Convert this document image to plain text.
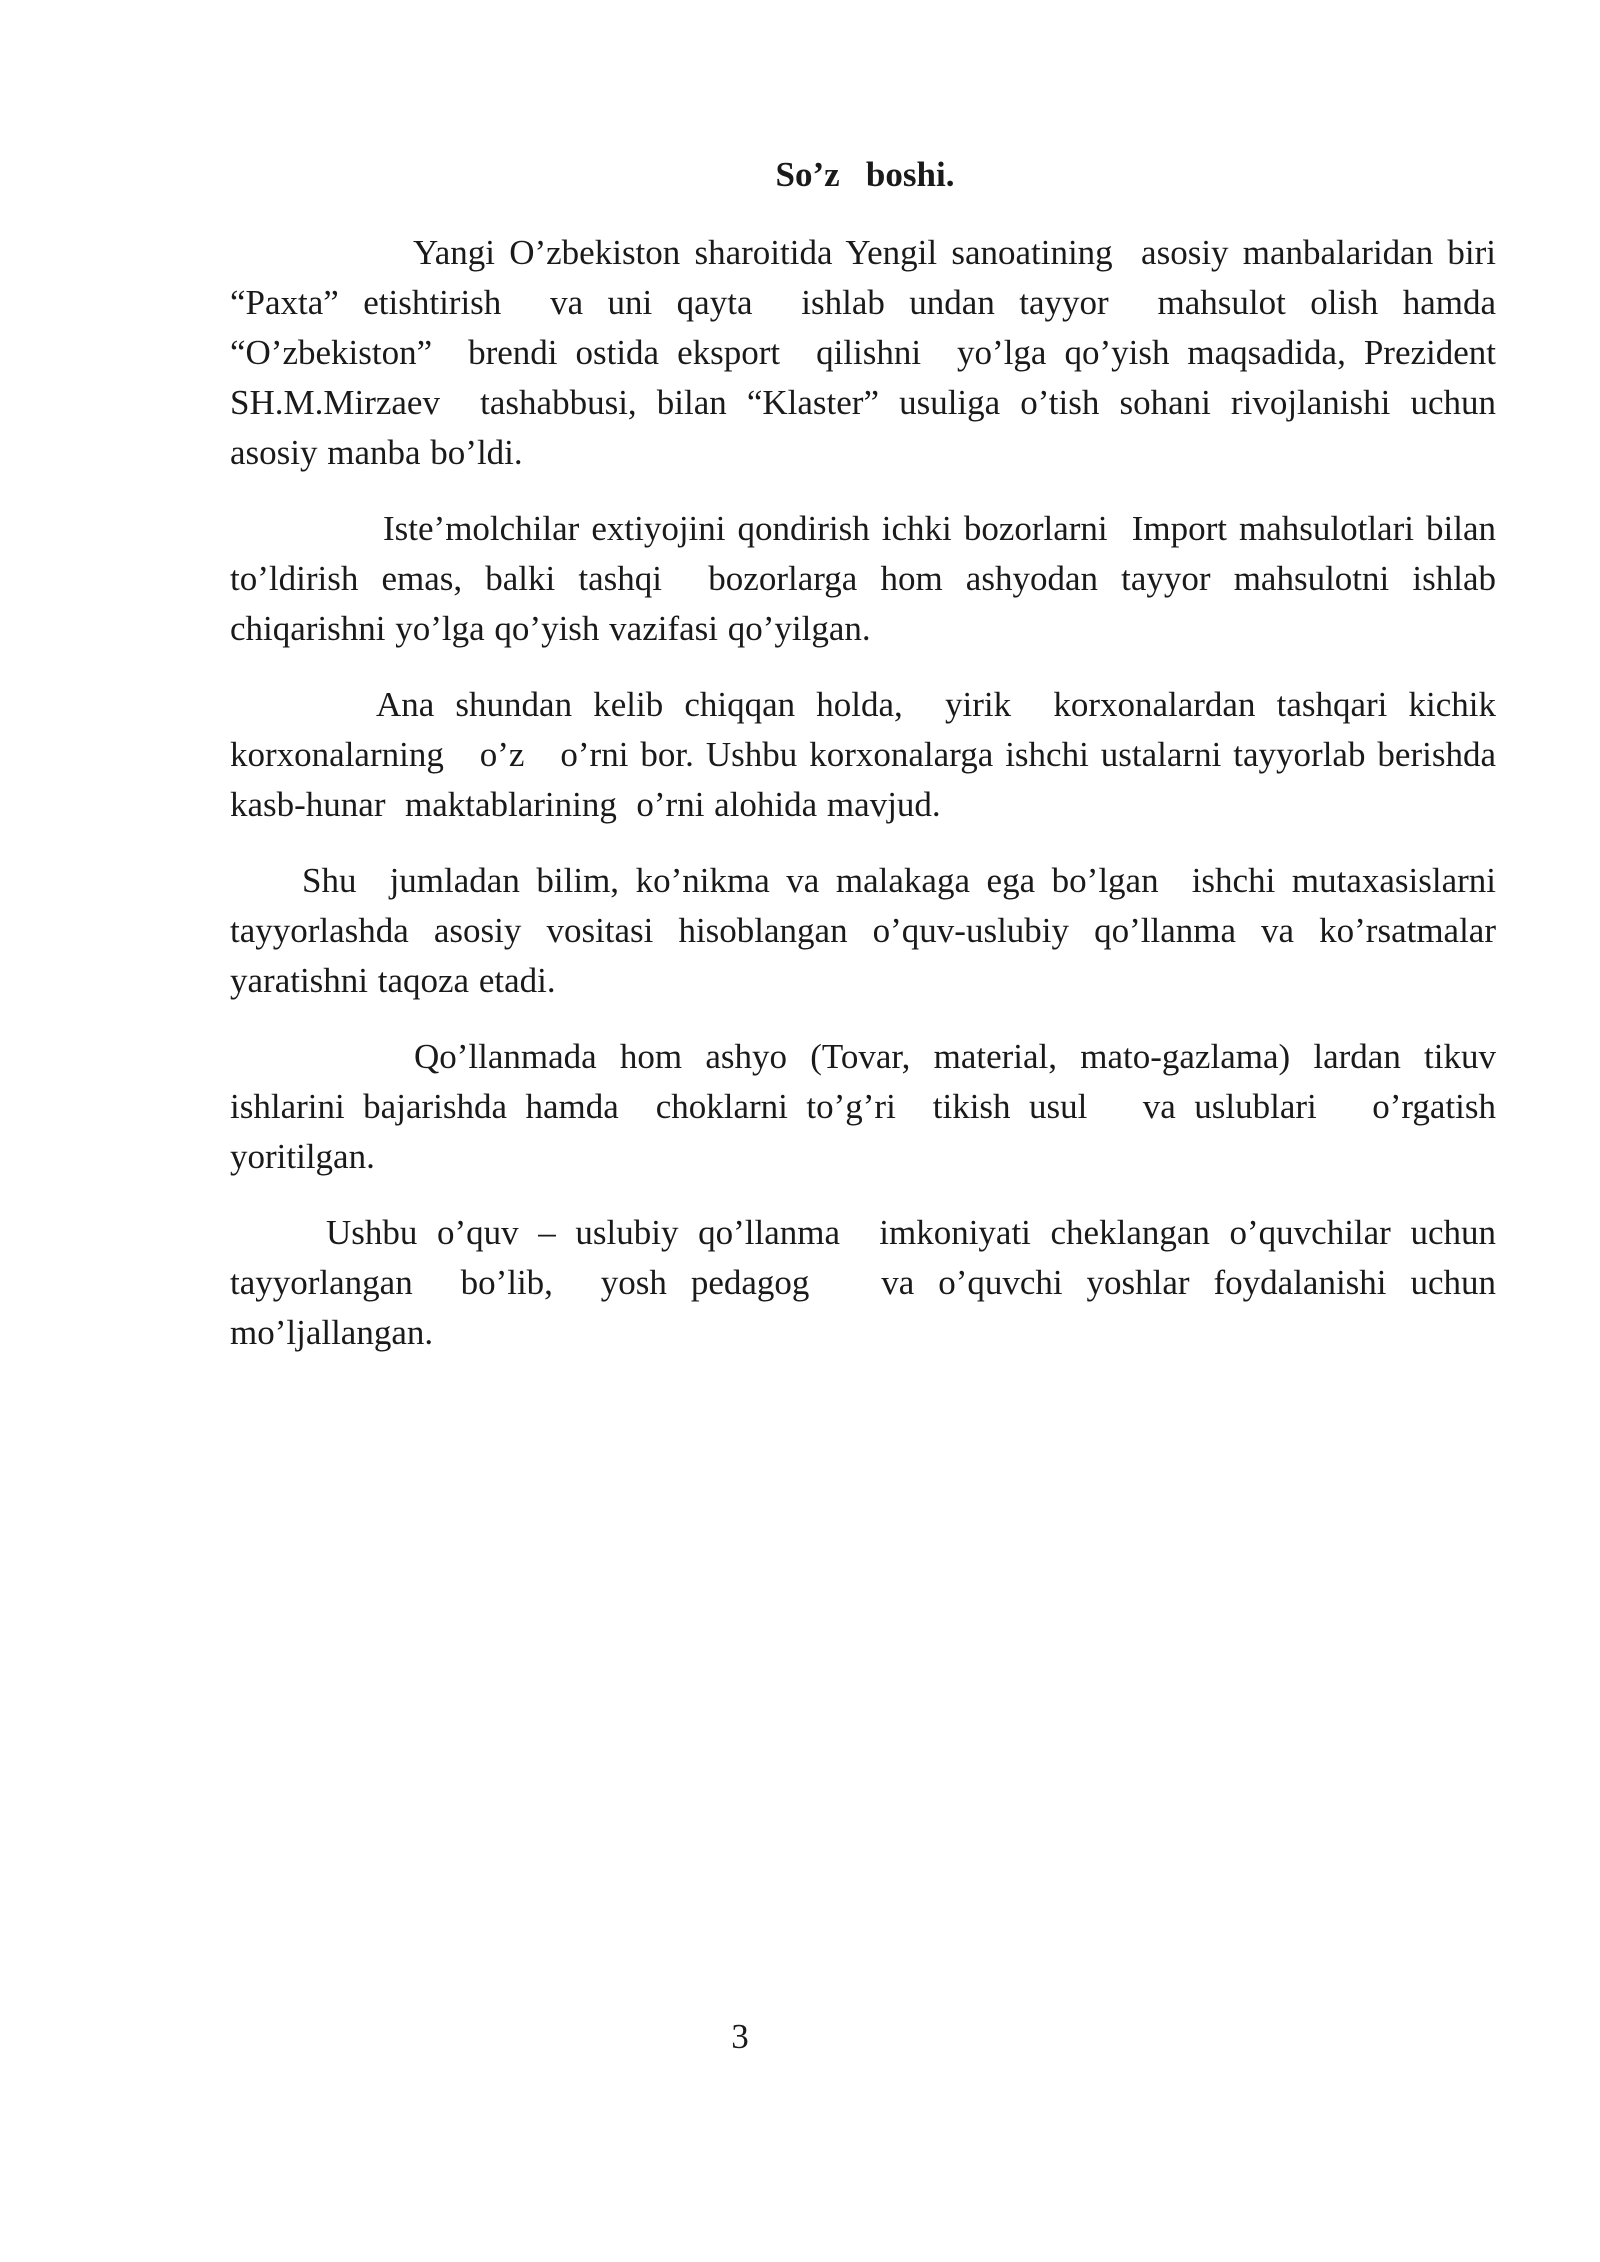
So’z   boshi.

Yangi O’zbekiston sharoitida Yengil sanoatining  asosiy manbalaridan biri  “Paxta” etishtirish  va uni qayta  ishlab undan tayyor  mahsulot olish hamda “O’zbekiston”  brendi ostida eksport  qilishni  yo’lga qo’yish maqsadida, Prezident SH.M.Mirzaev  tashabbusi, bilan “Klaster” usuliga o’tish sohani rivojlanishi uchun asosiy manba bo’ldi.

Iste’molchilar extiyojini qondirish ichki bozorlarni  Import mahsulotlari bilan to’ldirish emas, balki tashqi  bozorlarga hom ashyodan tayyor mahsulotni ishlab chiqarishni yo’lga qo’yish vazifasi qo’yilgan.

Ana shundan kelib chiqqan holda,  yirik  korxonalardan tashqari kichik korxonalarning   o’z   o’rni bor. Ushbu korxonalarga ishchi ustalarni tayyorlab berishda kasb-hunar  maktablarining  o’rni alohida mavjud.

Shu  jumladan bilim, ko’nikma va malakaga ega bo’lgan  ishchi mutaxasislarni tayyorlashda asosiy vositasi hisoblangan o’quv-uslubiy qo’llanma va ko’rsatmalar yaratishni taqoza etadi.

Qo’llanmada hom ashyo (Tovar, material, mato-gazlama) lardan tikuv ishlarini bajarishda hamda  choklarni to’g’ri  tikish usul   va uslublari   o’rgatish yoritilgan.

Ushbu o’quv – uslubiy qo’llanma  imkoniyati cheklangan o’quvchilar uchun tayyorlangan  bo’lib,  yosh pedagog   va o’quvchi yoshlar foydalanishi uchun mo’ljallangan.

3
